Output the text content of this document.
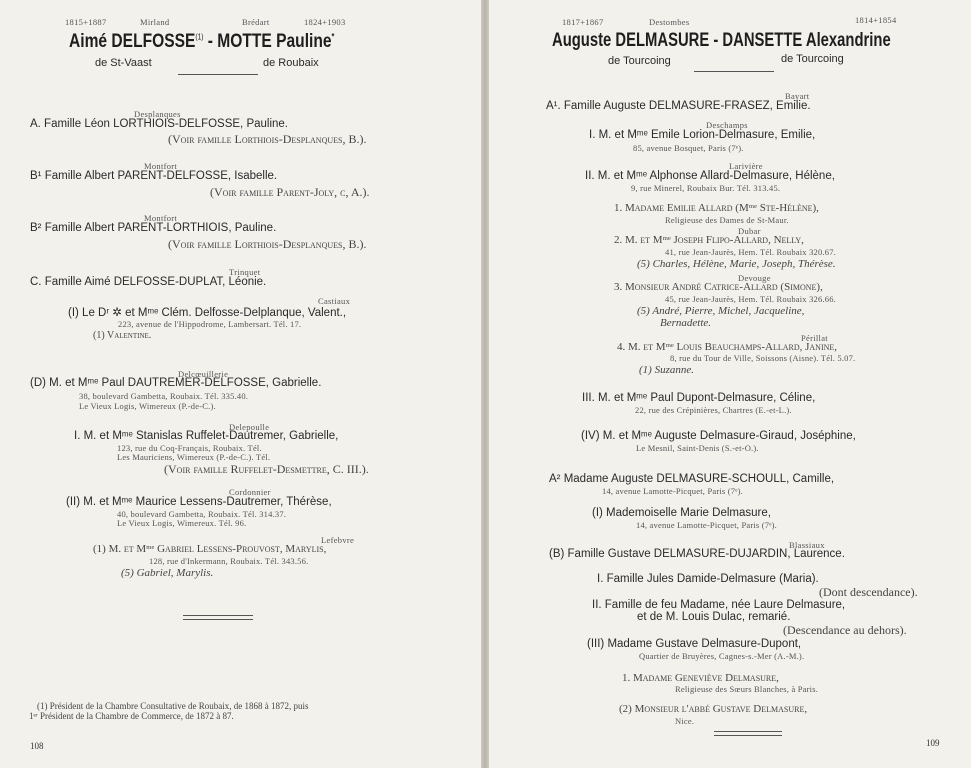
1815+1887	Mirland	Brédart	1824+1903
Aimé DELFOSSE$^{(1)}$ - MOTTE Pauline*
de St-Vaast	de Roubaix
Desplanques
A. Famille Léon LORTHIOIS-DELFOSSE, Pauline.
(Voir famille Lorthiois-Desplanques, B.).
Montfort
B¹ Famille Albert PARENT-DELFOSSE, Isabelle.
(Voir famille Parent-Joly, c, A.).
Montfort
B² Famille Albert PARENT-LORTHIOIS, Pauline.
(Voir famille Lorthiois-Desplanques, B.).
Trinquet
C. Famille Aimé DELFOSSE-DUPLAT, Léonie.
Castiaux
(I) Le Dʳ ✲ et Mᵐᵉ Clém. Delfosse-Delplanque, Valent.,
223, avenue de l'Hippodrome, Lambersart. Tél. 17.
(1) Valentine.
Delcœuillerie
(D) M. et Mᵐᵉ Paul DAUTREMER-DELFOSSE, Gabrielle.
38, boulevard Gambetta, Roubaix. Tél. 335.40.
Le Vieux Logis, Wimereux (P.-de-C.).
Delepoulle
I. M. et Mᵐᵉ Stanislas Ruffelet-Dautremer, Gabrielle,
123, rue du Coq-Français, Roubaix. Tél.
Les Mauriciens, Wimereux (P.-de-C.). Tél.
(Voir famille Ruffelet-Desmettre, C. III.).
Cordonnier
(II) M. et Mᵐᵉ Maurice Lessens-Dautremer, Thérèse,
40, boulevard Gambetta, Roubaix. Tél. 314.37.
Le Vieux Logis, Wimereux. Tél. 96.
Lefebvre
(1) M. et Mᵐᵉ Gabriel Lessens-Prouvost, Marylis,
128, rue d'Inkermann, Roubaix. Tél. 343.56.
(5) Gabriel, Marylis.
(1) Président de la Chambre Consultative de Roubaix, de 1868 à 1872, puis
1ᵉʳ Président de la Chambre de Commerce, de 1872 à 87.
108
1817+1867	Destombes	1814+1854
Auguste DELMASURE - DANSETTE Alexandrine
de Tourcoing	de Tourcoing
Bayart
A¹. Famille Auguste DELMASURE-FRASEZ, Emilie.
Deschamps
I. M. et Mᵐᵉ Emile Lorion-Delmasure, Emilie,
85, avenue Bosquet, Paris (7ᵉ).
Larivière
II. M. et Mᵐᵉ Alphonse Allard-Delmasure, Hélène,
9, rue Minerel, Roubaix Bur. Tél. 313.45.
1. Madame Emilie Allard (Mᵐᵉ Ste-Hélène),
Religieuse des Dames de St-Maur.
Dubar
2. M. et Mᵐᵉ Joseph Flipo-Allard, Nelly,
41, rue Jean-Jaurès, Hem. Tél. Roubaix 320.67.
(5) Charles, Hélène, Marie, Joseph, Thérèse.
Devouge
3. Monsieur André Catrice-Allard (Simone),
45, rue Jean-Jaurès, Hem. Tél. Roubaix 326.66.
(5) André, Pierre, Michel, Jacqueline,
Bernadette.
Périllat
4. M. et Mᵐᵉ Louis Beauchamps-Allard, Janine,
8, rue du Tour de Ville, Soissons (Aisne). Tél. 5.07.
(1) Suzanne.
III. M. et Mᵐᵉ Paul Dupont-Delmasure, Céline,
22, rue des Crépinières, Chartres (E.-et-L.).
(IV) M. et Mᵐᵉ Auguste Delmasure-Giraud, Joséphine,
Le Mesnil, Saint-Denis (S.-et-O.).
A² Madame Auguste DELMASURE-SCHOULL, Camille,
14, avenue Lamotte-Picquet, Paris (7ᵉ).
(I) Mademoiselle Marie Delmasure,
14, avenue Lamotte-Picquet, Paris (7ᵉ).
Blassiaux
(B) Famille Gustave DELMASURE-DUJARDIN, Laurence.
I. Famille Jules Damide-Delmasure (Maria).
(Dont descendance).
II. Famille de feu Madame, née Laure Delmasure,
et de M. Louis Dulac, remarié.
(Descendance au dehors).
(III) Madame Gustave Delmasure-Dupont,
Quartier de Bruyères, Cagnes-s.-Mer (A.-M.).
1. Madame Geneviève Delmasure,
Religieuse des Sœurs Blanches, à Paris.
(2) Monsieur l'abbé Gustave Delmasure,
Nice.
109
